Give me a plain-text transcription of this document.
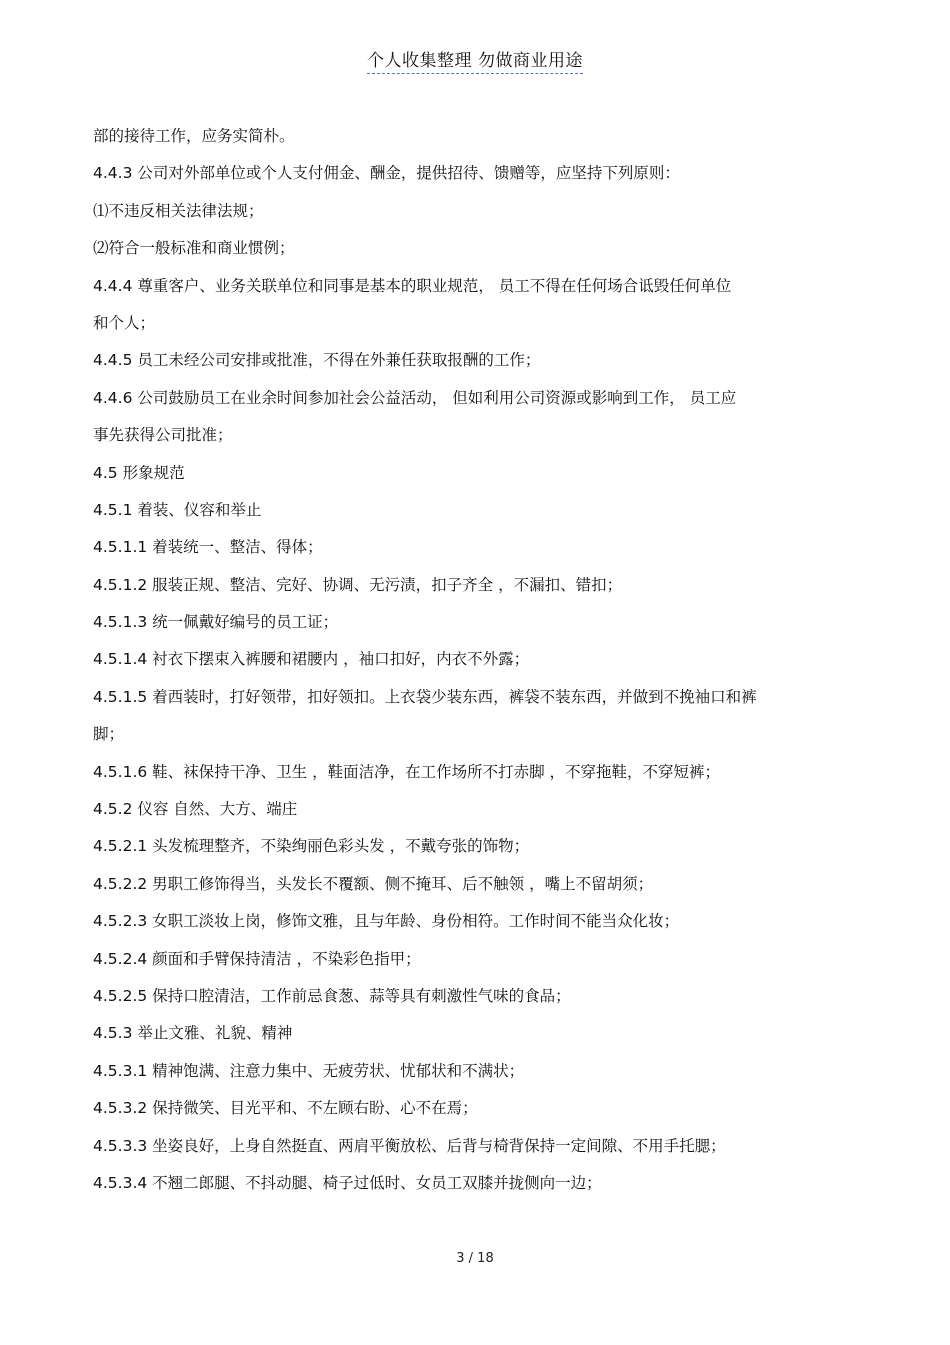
个人收集整理 勿做商业用途
部的接待工作，应务实简朴。
4.4.3 公司对外部单位或个人支付佣金、酬金，提供招待、馈赠等，应坚持下列原则：
⑴不违反相关法律法规；
⑵符合一般标准和商业惯例；
4.4.4 尊重客户、业务关联单位和同事是基本的职业规范， 员工不得在任何场合诋毁任何单位
和个人；
4.4.5 员工未经公司安排或批准，不得在外兼任获取报酬的工作；
4.4.6 公司鼓励员工在业余时间参加社会公益活动， 但如利用公司资源或影响到工作， 员工应
事先获得公司批准；
4.5 形象规范
4.5.1 着装、仪容和举止
4.5.1.1 着装统一、整洁、得体；
4.5.1.2 服装正规、整洁、完好、协调、无污渍，扣子齐全 ，不漏扣、错扣；
4.5.1.3 统一佩戴好编号的员工证；
4.5.1.4 衬衣下摆束入裤腰和裙腰内 ，袖口扣好，内衣不外露；
4.5.1.5 着西装时，打好领带，扣好领扣。上衣袋少装东西，裤袋不装东西，并做到不挽袖口和裤
脚；
4.5.1.6 鞋、袜保持干净、卫生 ，鞋面洁净，在工作场所不打赤脚 ，不穿拖鞋，不穿短裤；
4.5.2 仪容 自然、大方、端庄
4.5.2.1 头发梳理整齐，不染绚丽色彩头发 ，不戴夸张的饰物；
4.5.2.2 男职工修饰得当，头发长不覆额、侧不掩耳、后不触领 ，嘴上不留胡须；
4.5.2.3 女职工淡妆上岗，修饰文雅，且与年龄、身份相符。工作时间不能当众化妆；
4.5.2.4 颜面和手臂保持清洁 ，不染彩色指甲；
4.5.2.5 保持口腔清洁，工作前忌食葱、蒜等具有刺激性气味的食品；
4.5.3 举止文雅、礼貌、精神
4.5.3.1 精神饱满、注意力集中、无疲劳状、忧郁状和不满状；
4.5.3.2 保持微笑、目光平和、不左顾右盼、心不在焉；
4.5.3.3 坐姿良好，上身自然挺直、两肩平衡放松、后背与椅背保持一定间隙、不用手托腮；
4.5.3.4 不翘二郎腿、不抖动腿、椅子过低时、女员工双膝并拢侧向一边；
3 / 18
